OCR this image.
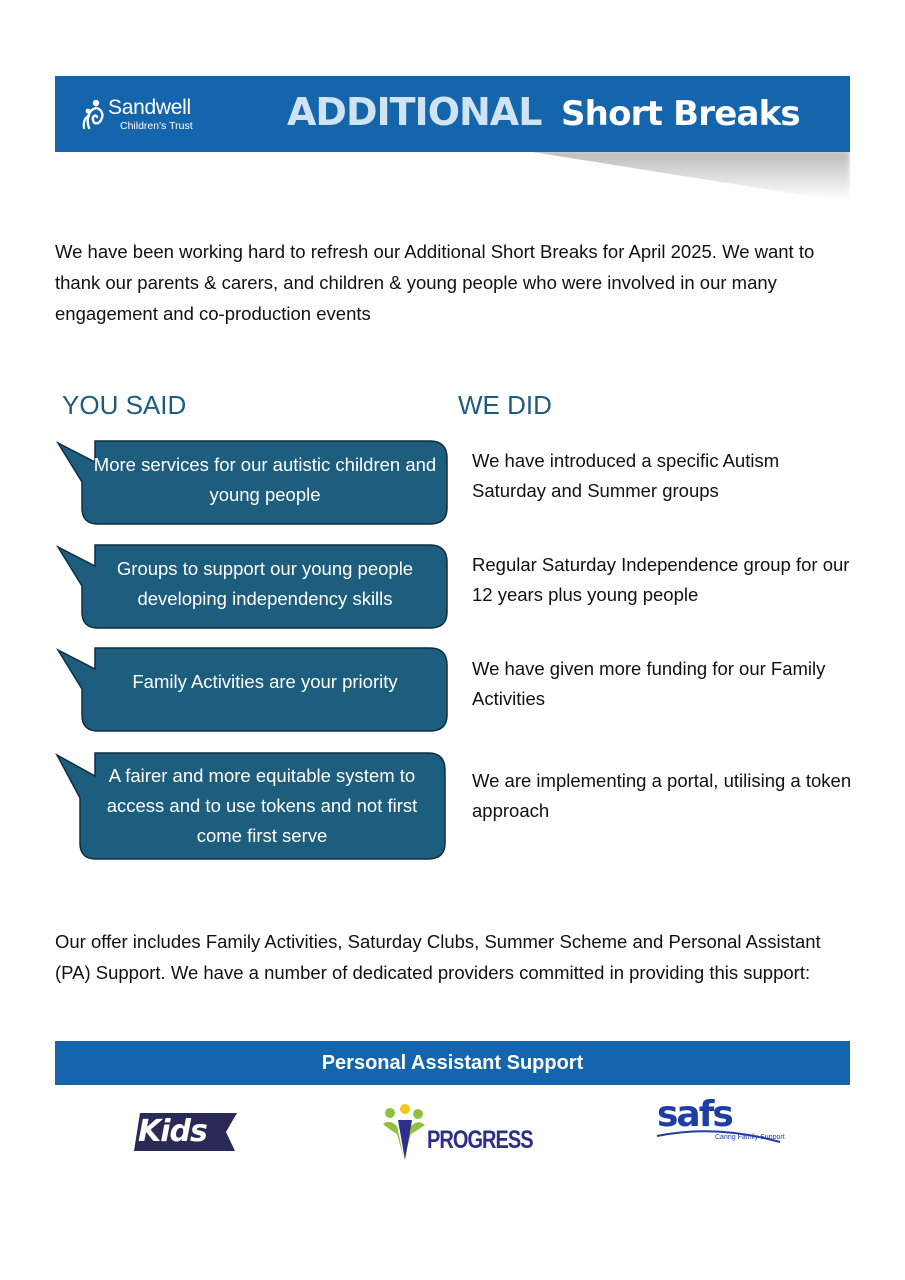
Sandwell
Children's Trust ADDITIONAL Short Breaks

We have been working hard to refresh our Additional Short Breaks for April 2025. We want to thank our parents & carers, and children & young people who were involved in our many engagement and co-production events

YOU SAID	WE DID
More services for our autistic children and young people
We have introduced a specific Autism Saturday and Summer groups
Groups to support our young people developing independency skills
Regular Saturday Independence group for our 12 years plus young people
Family Activities are your priority
We have given more funding for our Family Activities
A fairer and more equitable system to access and to use tokens and not first come first serve
We are implementing a portal, utilising a token approach

Our offer includes Family Activities, Saturday Clubs, Summer Scheme and Personal Assistant (PA) Support. We have a number of dedicated providers committed in providing this support:

Personal Assistant Support
Kids	PROGRESS
safs
Caring Family Support
